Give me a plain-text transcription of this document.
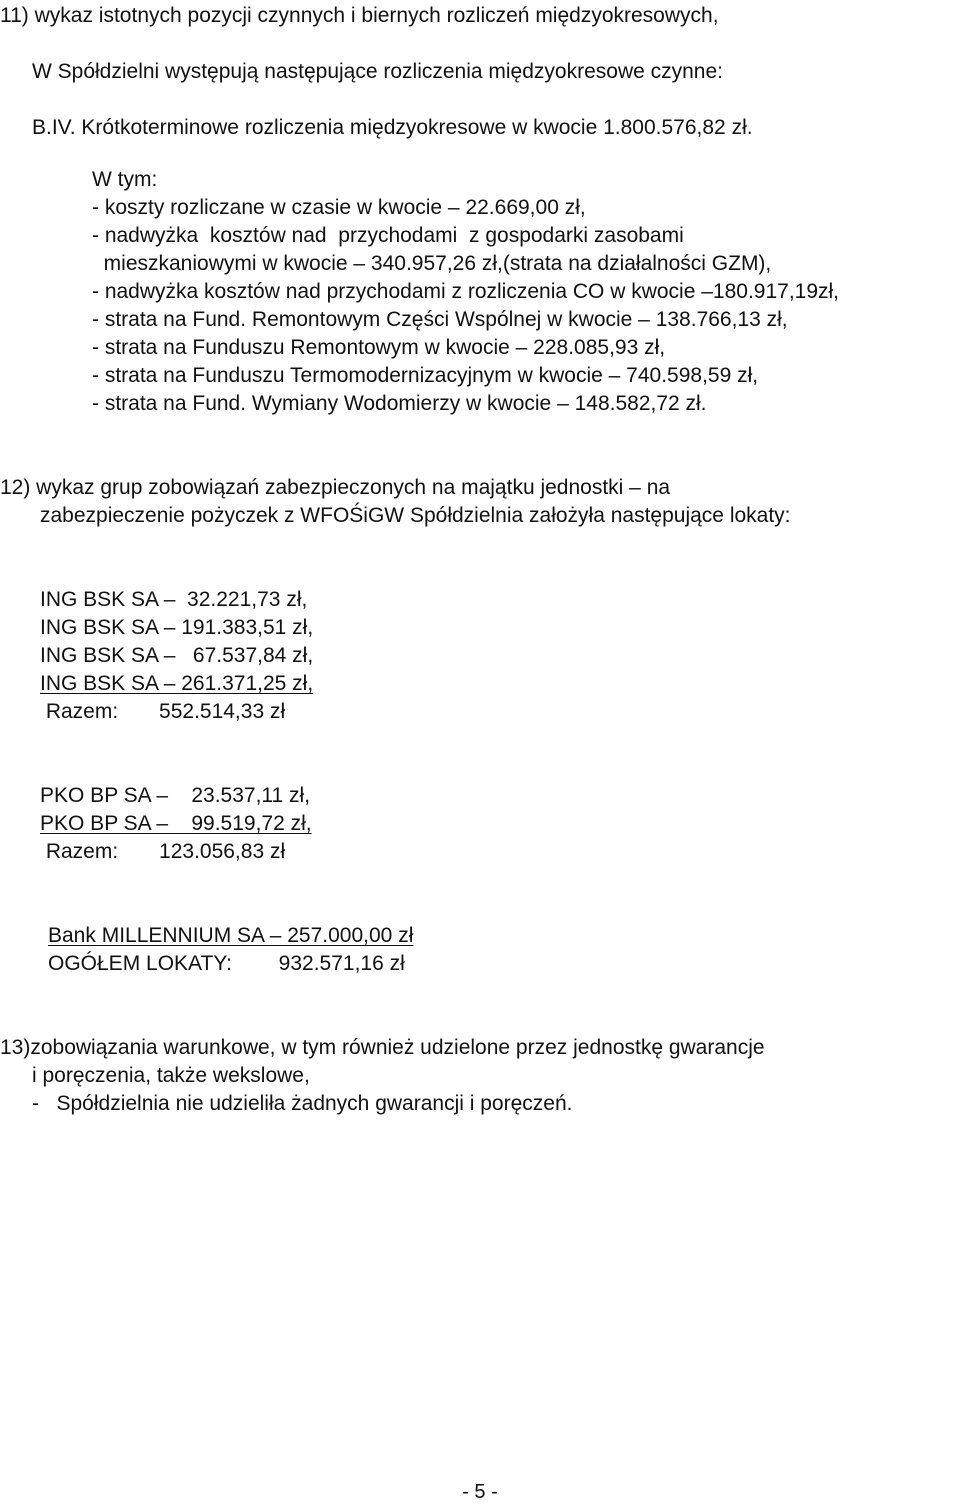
11) wykaz istotnych pozycji czynnych i biernych rozliczeń międzyokresowych,
W Spółdzielni występują następujące rozliczenia międzyokresowe czynne:
B.IV. Krótkoterminowe rozliczenia międzyokresowe w kwocie 1.800.576,82 zł.
W tym:
- koszty rozliczane w czasie w kwocie – 22.669,00 zł,
- nadwyżka  kosztów nad  przychodami  z gospodarki zasobami
mieszkaniowymi w kwocie – 340.957,26 zł,(strata na działalności GZM),
- nadwyżka kosztów nad przychodami z rozliczenia CO w kwocie –180.917,19zł,
- strata na Fund. Remontowym Części Wspólnej w kwocie – 138.766,13 zł,
- strata na Funduszu Remontowym w kwocie – 228.085,93 zł,
- strata na Funduszu Termomodernizacyjnym w kwocie – 740.598,59 zł,
- strata na Fund. Wymiany Wodomierzy w kwocie – 148.582,72 zł.
12) wykaz grup zobowiązań zabezpieczonych na majątku jednostki – na
zabezpieczenie pożyczek z WFOŚiGW Spółdzielnia założyła następujące lokaty:
ING BSK SA –  32.221,73 zł,
ING BSK SA – 191.383,51 zł,
ING BSK SA –   67.537,84 zł,
ING BSK SA – 261.371,25 zł,
Razem:       552.514,33 zł
PKO BP SA –    23.537,11 zł,
PKO BP SA –    99.519,72 zł,
Razem:       123.056,83 zł
Bank MILLENNIUM SA – 257.000,00 zł
OGÓŁEM LOKATY:        932.571,16 zł
13)zobowiązania warunkowe, w tym również udzielone przez jednostkę gwarancje
i poręczenia, także wekslowe,
-   Spółdzielnia nie udzieliła żadnych gwarancji i poręczeń.
- 5 -
